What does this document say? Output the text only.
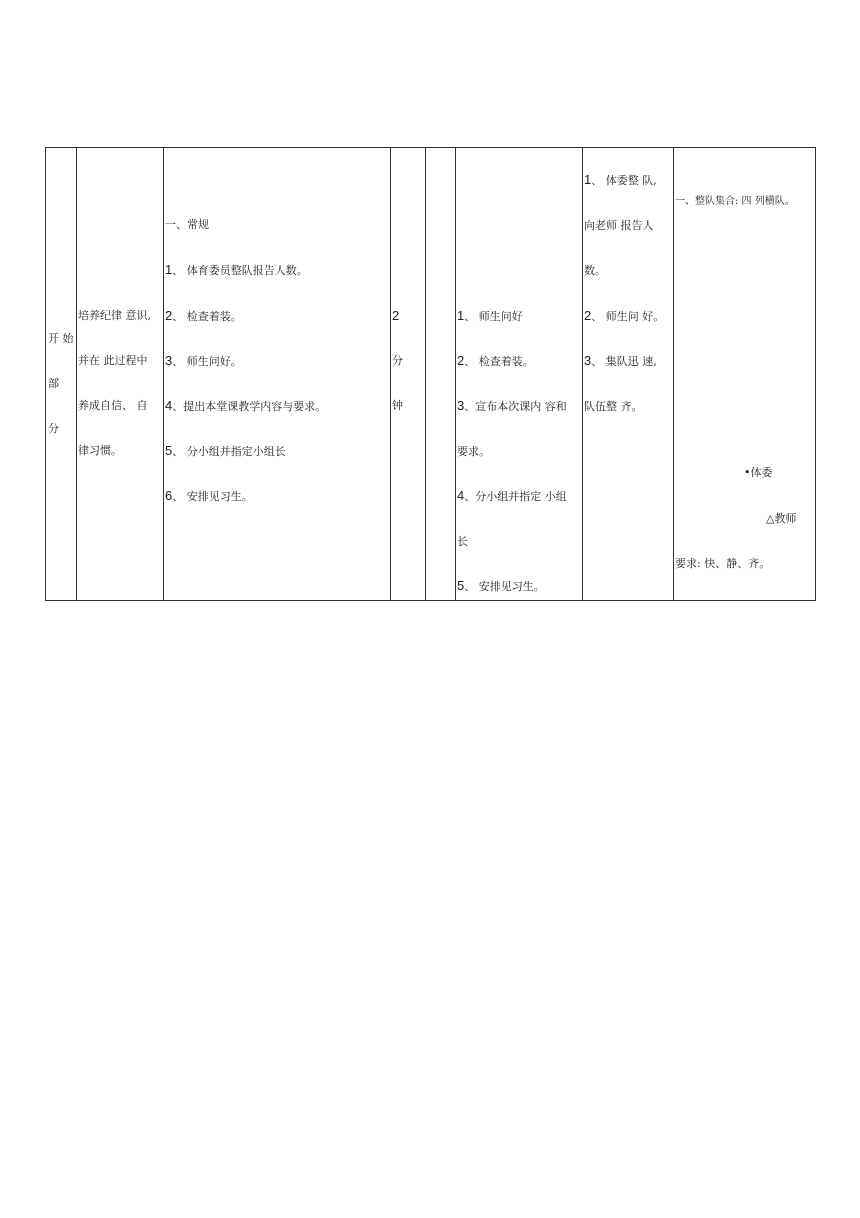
开 始
部
分
培养纪律 意识,
并在 此过程中
养成自信、 自
律习惯。
一、常规
1、 体育委员整队报告人数。
2、 检查着装。
3、 师生问好。
4、提出本堂课教学内容与要求。
5、 分小组并指定小组长
6、 安排见习生。
2
分
钟
1、 师生问好
2、 检查着装。
3、宣布本次课内 容和
要求。
4、分小组并指定 小组
长
5、 安排见习生。
1、 体委整 队,
向老师 报告人
数。
2、 师生问 好。
3、 集队迅 速,
队伍整 齐。
一、整队集合: 四 列横队。
•体委
△教师
要求: 快、静、齐。
